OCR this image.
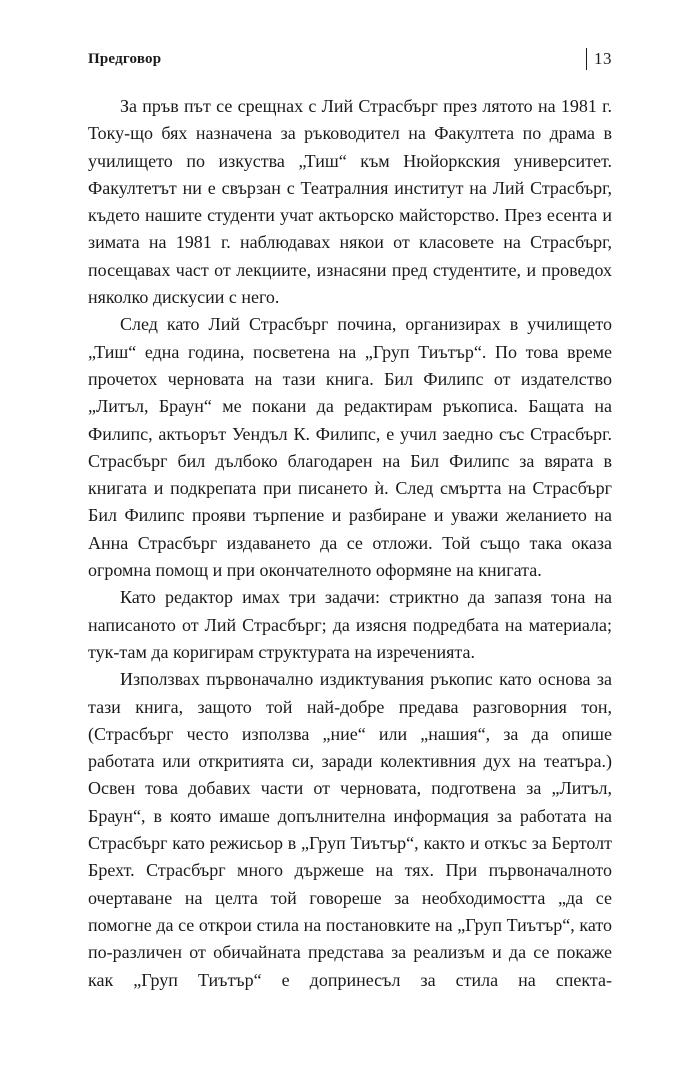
Предговор	13

За пръв път се срещнах с Лий Страсбърг през лятото на 1981 г. Току-що бях назначена за ръководител на Факултета по драма в училището по изкуства „Тиш“ към Нюйоркския университет. Факултетът ни е свързан с Театралния институт на Лий Страсбърг, където нашите студенти учат актьорско майсторство. През есента и зимата на 1981 г. наблюдавах някои от класовете на Страсбърг, посещавах част от лекциите, изнасяни пред студентите, и проведох няколко дискусии с него.

След като Лий Страсбърг почина, организирах в училището „Тиш“ една година, посветена на „Груп Тиътър“. По това време прочетох черновата на тази книга. Бил Филипс от издателство „Литъл, Браун“ ме покани да редактирам ръкописа. Бащата на Филипс, актьорът Уендъл К. Филипс, е учил заедно със Страсбърг. Страсбърг бил дълбоко благодарен на Бил Филипс за вярата в книгата и подкрепата при писането ѝ. След смъртта на Страсбърг Бил Филипс прояви търпение и разбиране и уважи желанието на Анна Страсбърг издаването да се отложи. Той също така оказа огромна помощ и при окончателното оформяне на книгата.

Като редактор имах три задачи: стриктно да запазя тона на написаното от Лий Страсбърг; да изясня подредбата на материала; тук-там да коригирам структурата на изреченията.

Използвах първоначално издиктувания ръкопис като основа за тази книга, защото той най-добре предава разговорния тон, (Страсбърг често използва „ние“ или „нашия“, за да опише работата или откритията си, заради колективния дух на театъра.) Освен това добавих части от черновата, подготвена за „Литъл, Браун“, в която имаше допълнителна информация за работата на Страсбърг като режисьор в „Груп Тиътър“, както и откъс за Бертолт Брехт. Страсбърг много държеше на тях. При първоначалното очертаване на целта той говореше за необходимостта „да се помогне да се открои стила на постановките на „Груп Тиътър“, като по-различен от обичайната представа за реализъм и да се покаже как „Груп Тиътър“ е допринесъл за стила на спекта-
